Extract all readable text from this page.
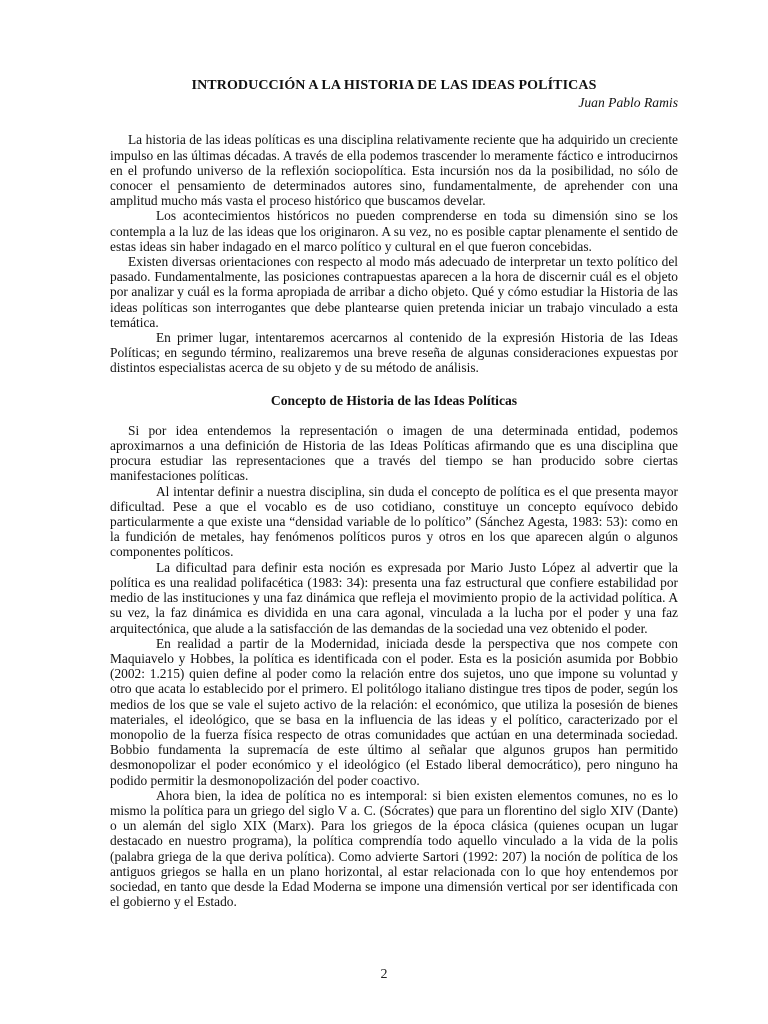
INTRODUCCIÓN A LA HISTORIA DE LAS IDEAS POLÍTICAS
Juan Pablo Ramis

La historia de las ideas políticas es una disciplina relativamente reciente que ha adquirido un creciente impulso en las últimas décadas. A través de ella podemos trascender lo meramente fáctico e introducirnos en el profundo universo de la reflexión sociopolítica. Esta incursión nos da la posibilidad, no sólo de conocer el pensamiento de determinados autores sino, fundamentalmente, de aprehender con una amplitud mucho más vasta el proceso histórico que buscamos develar.

Los acontecimientos históricos no pueden comprenderse en toda su dimensión sino se los contempla a la luz de las ideas que los originaron. A su vez, no es posible captar plenamente el sentido de estas ideas sin haber indagado en el marco político y cultural en el que fueron concebidas.

Existen diversas orientaciones con respecto al modo más adecuado de interpretar un texto político del pasado. Fundamentalmente, las posiciones contrapuestas aparecen a la hora de discernir cuál es el objeto por analizar y cuál es la forma apropiada de arribar a dicho objeto. Qué y cómo estudiar la Historia de las ideas políticas son interrogantes que debe plantearse quien pretenda iniciar un trabajo vinculado a esta temática.

En primer lugar, intentaremos acercarnos al contenido de la expresión Historia de las Ideas Políticas; en segundo término, realizaremos una breve reseña de algunas consideraciones expuestas por distintos especialistas acerca de su objeto y de su método de análisis.

Concepto de Historia de las Ideas Políticas

Si por idea entendemos la representación o imagen de una determinada entidad, podemos aproximarnos a una definición de Historia de las Ideas Políticas afirmando que es una disciplina que procura estudiar las representaciones que a través del tiempo se han producido sobre ciertas manifestaciones políticas.

Al intentar definir a nuestra disciplina, sin duda el concepto de política es el que presenta mayor dificultad. Pese a que el vocablo es de uso cotidiano, constituye un concepto equívoco debido particularmente a que existe una “densidad variable de lo político” (Sánchez Agesta, 1983: 53): como en la fundición de metales, hay fenómenos políticos puros y otros en los que aparecen algún o algunos componentes políticos.

La dificultad para definir esta noción es expresada por Mario Justo López al advertir que la política es una realidad polifacética (1983: 34): presenta una faz estructural que confiere estabilidad por medio de las instituciones y una faz dinámica que refleja el movimiento propio de la actividad política. A su vez, la faz dinámica es dividida en una cara agonal, vinculada a la lucha por el poder y una faz arquitectónica, que alude a la satisfacción de las demandas de la sociedad una vez obtenido el poder.

En realidad a partir de la Modernidad, iniciada desde la perspectiva que nos compete con Maquiavelo y Hobbes, la política es identificada con el poder. Esta es la posición asumida por Bobbio (2002: 1.215) quien define al poder como la relación entre dos sujetos, uno que impone su voluntad y otro que acata lo establecido por el primero. El politólogo italiano distingue tres tipos de poder, según los medios de los que se vale el sujeto activo de la relación: el económico, que utiliza la posesión de bienes materiales, el ideológico, que se basa en la influencia de las ideas y el político, caracterizado por el monopolio de la fuerza física respecto de otras comunidades que actúan en una determinada sociedad. Bobbio fundamenta la supremacía de este último al señalar que algunos grupos han permitido desmonopolizar el poder económico y el ideológico (el Estado liberal democrático), pero ninguno ha podido permitir la desmonopolización del poder coactivo.

Ahora bien, la idea de política no es intemporal: si bien existen elementos comunes, no es lo mismo la política para un griego del siglo V a. C. (Sócrates) que para un florentino del siglo XIV (Dante) o un alemán del siglo XIX (Marx). Para los griegos de la época clásica (quienes ocupan un lugar destacado en nuestro programa), la política comprendía todo aquello vinculado a la vida de la polis (palabra griega de la que deriva política). Como advierte Sartori (1992: 207) la noción de política de los antiguos griegos se halla en un plano horizontal, al estar relacionada con lo que hoy entendemos por sociedad, en tanto que desde la Edad Moderna se impone una dimensión vertical por ser identificada con el gobierno y el Estado.

2
